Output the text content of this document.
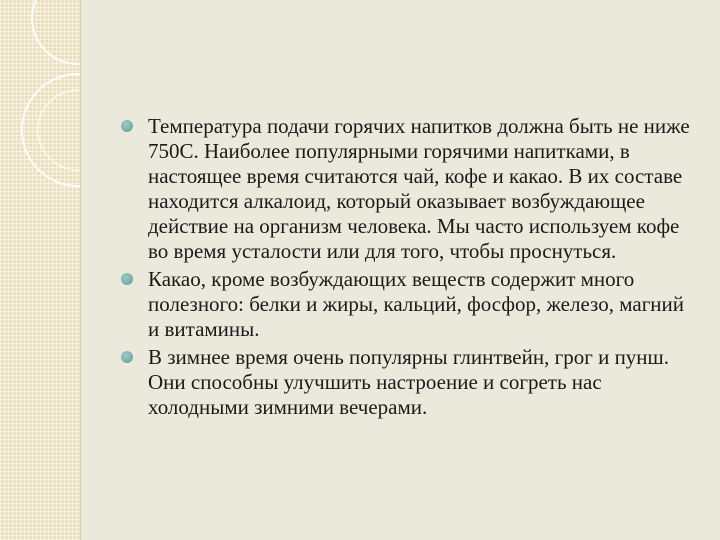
Температура подачи горячих напитков должна быть не ниже 750С. Наиболее популярными горячими напитками, в настоящее время считаются чай, кофе и какао. В их составе находится алкалоид, который оказывает возбуждающее действие на организм человека. Мы часто используем кофе во время усталости или для того, чтобы проснуться.
Какао, кроме возбуждающих веществ содержит много полезного: белки и жиры, кальций, фосфор, железо, магний и витамины.
В зимнее время очень популярны глинтвейн, грог и пунш. Они способны улучшить настроение и согреть нас холодными зимними вечерами.
